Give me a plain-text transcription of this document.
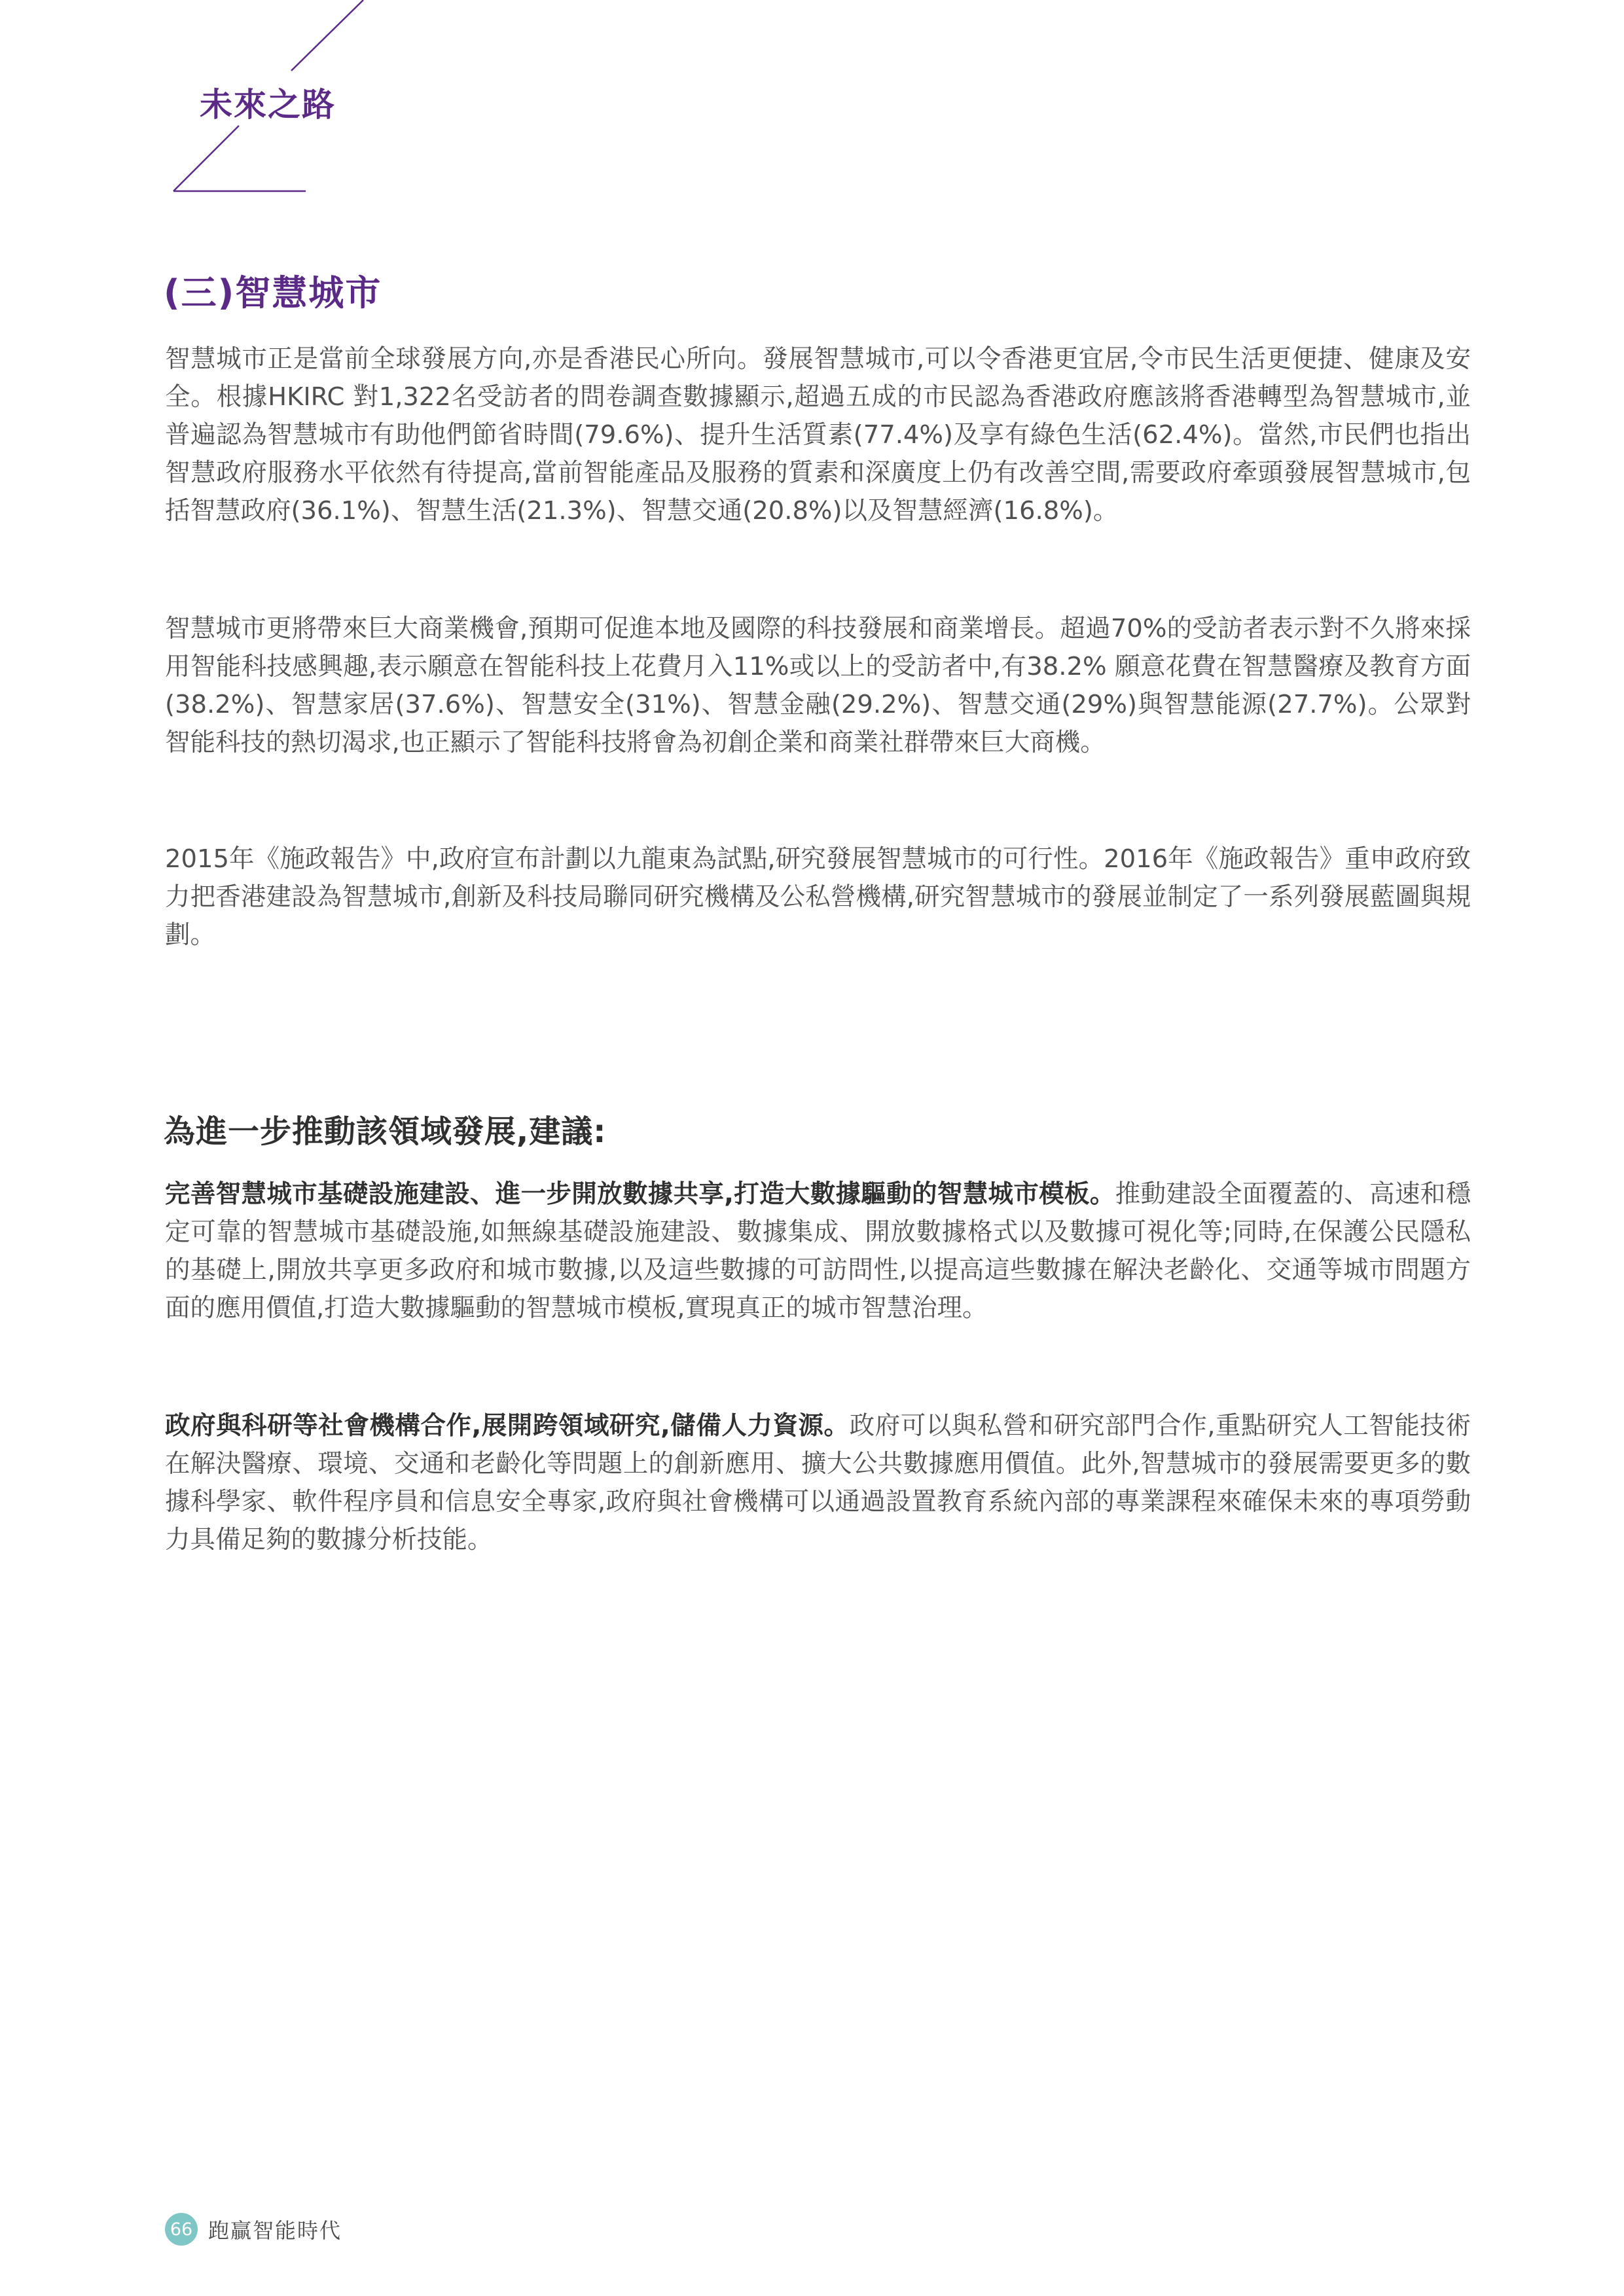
未來之路
(三)智慧城市
智慧城市正是當前全球發展方向,亦是香港民心所向。發展智慧城市,可以令香港更宜居,令市民生活更便捷、健康及安全。根據HKIRC 對1,322名受訪者的問卷調查數據顯示,超過五成的市民認為香港政府應該將香港轉型為智慧城市,並普遍認為智慧城市有助他們節省時間(79.6%)、提升生活質素(77.4%)及享有綠色生活(62.4%)。當然,市民們也指出智慧政府服務水平依然有待提高,當前智能產品及服務的質素和深廣度上仍有改善空間,需要政府牽頭發展智慧城市,包括智慧政府(36.1%)、智慧生活(21.3%)、智慧交通(20.8%)以及智慧經濟(16.8%)。
智慧城市更將帶來巨大商業機會,預期可促進本地及國際的科技發展和商業增長。超過70%的受訪者表示對不久將來採用智能科技感興趣,表示願意在智能科技上花費月入11%或以上的受訪者中,有38.2% 願意花費在智慧醫療及教育方面(38.2%)、智慧家居(37.6%)、智慧安全(31%)、智慧金融(29.2%)、智慧交通(29%)與智慧能源(27.7%)。公眾對智能科技的熱切渴求,也正顯示了智能科技將會為初創企業和商業社群帶來巨大商機。
2015年《施政報告》中,政府宣布計劃以九龍東為試點,研究發展智慧城市的可行性。2016年《施政報告》重申政府致力把香港建設為智慧城市,創新及科技局聯同研究機構及公私營機構,研究智慧城市的發展並制定了一系列發展藍圖與規劃。
為進一步推動該領域發展,建議:
完善智慧城市基礎設施建設、進一步開放數據共享,打造大數據驅動的智慧城市模板。推動建設全面覆蓋的、高速和穩定可靠的智慧城市基礎設施,如無線基礎設施建設、數據集成、開放數據格式以及數據可視化等;同時,在保護公民隱私的基礎上,開放共享更多政府和城市數據,以及這些數據的可訪問性,以提高這些數據在解決老齡化、交通等城市問題方面的應用價值,打造大數據驅動的智慧城市模板,實現真正的城市智慧治理。
政府與科研等社會機構合作,展開跨領域研究,儲備人力資源。政府可以與私營和研究部門合作,重點研究人工智能技術在解決醫療、環境、交通和老齡化等問題上的創新應用、擴大公共數據應用價值。此外,智慧城市的發展需要更多的數據科學家、軟件程序員和信息安全專家,政府與社會機構可以通過設置教育系統內部的專業課程來確保未來的專項勞動力具備足夠的數據分析技能。
66 跑贏智能時代
